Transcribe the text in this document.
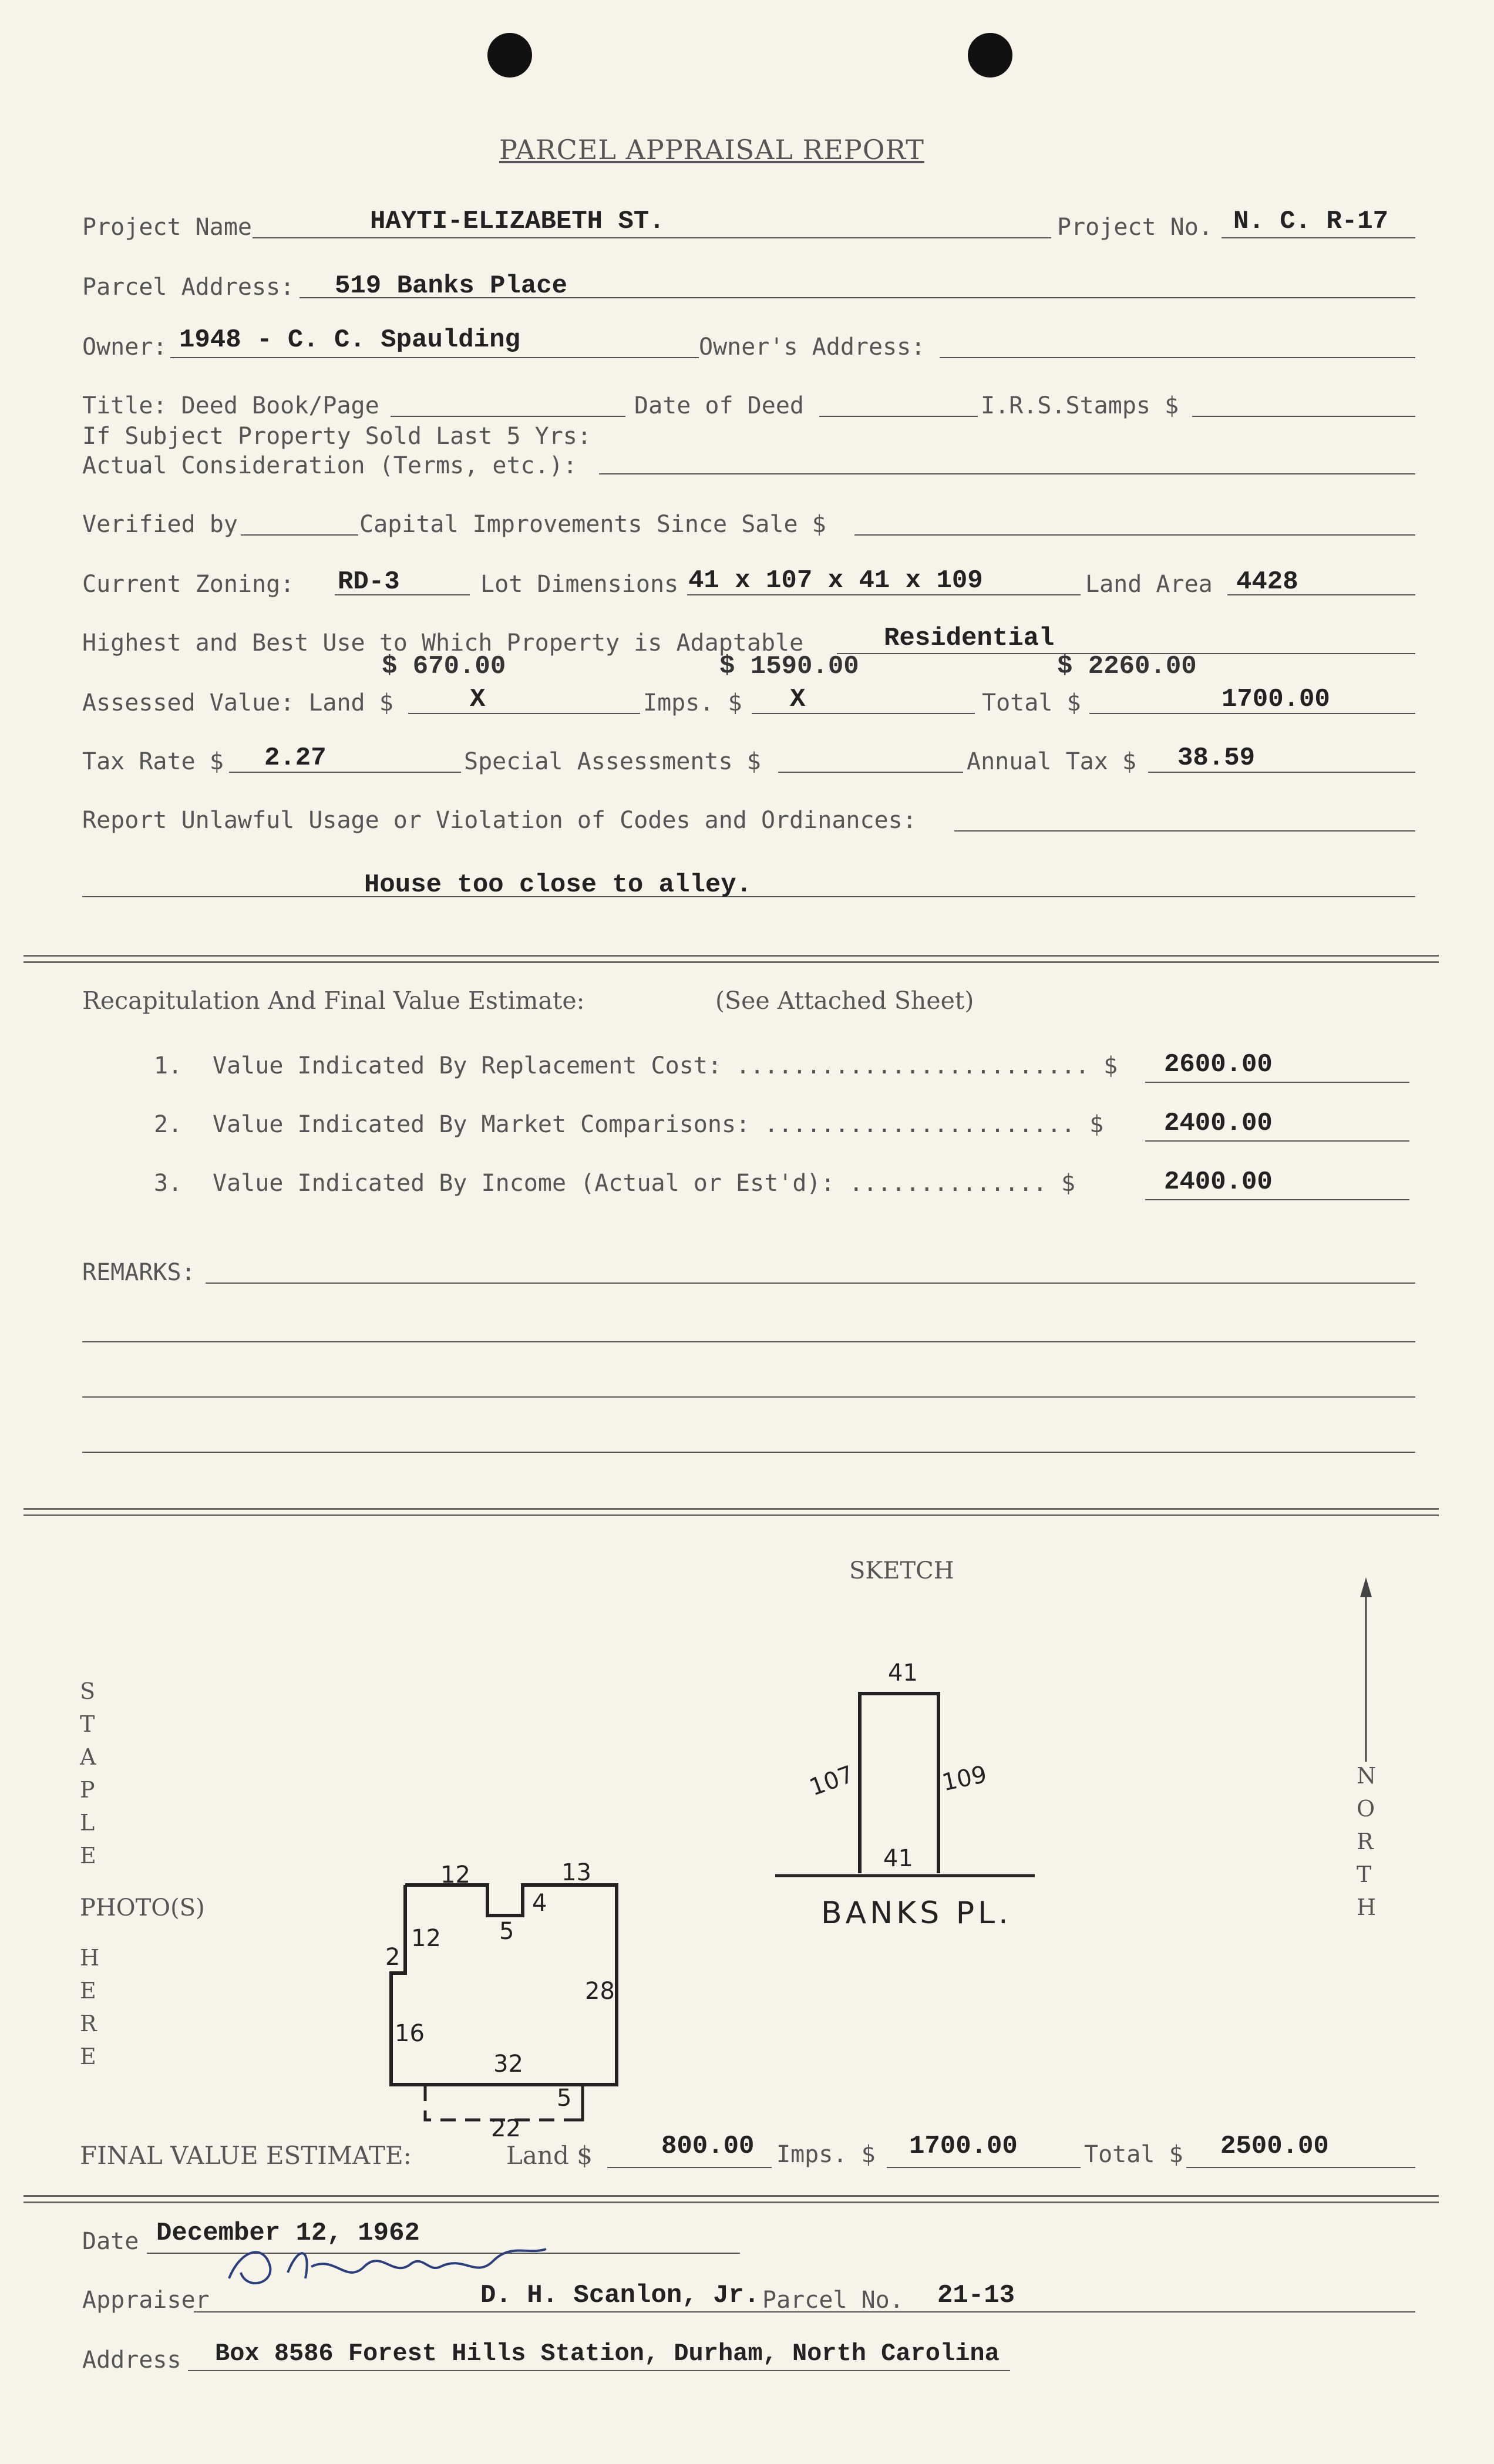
PARCEL APPRAISAL REPORT
Project Name	HAYTI-ELIZABETH ST.	Project No. N. C. R-17
Parcel Address: 519 Banks Place
Owner: 1948 - C. C. Spaulding	Owner's Address:
Title: Deed Book/Page	Date of Deed	I.R.S.Stamps $
If Subject Property Sold Last 5 Yrs:
Actual Consideration (Terms, etc.):
Verified by	Capital Improvements Since Sale $
Current Zoning: RD-3	Lot Dimensions 41 x 107 x 41 x 109	Land Area 4428
Highest and Best Use to Which Property is Adaptable	Residential
$ 670.00	$ 1590.00	$ 2260.00
Assessed Value: Land $	X	Imps. $ X	Total $	1700.00
Tax Rate $ 2.27	Special Assessments $	Annual Tax $ 38.59
Report Unlawful Usage or Violation of Codes and Ordinances:
House too close to alley.
Recapitulation And Final Value Estimate:	(See Attached Sheet)
1. Value Indicated By Replacement Cost: ......................... $ 2600.00
2. Value Indicated By Market Comparisons: ...................... $ 2400.00
3. Value Indicated By Income (Actual or Est'd): .............. $	2400.00
REMARKS:
SKETCH
STAPLE
PHOTO(S)
HERE
NORTH
41
107	109
41
BANKS PL.
12	13
5
4
2
12
28
16
32
5
22
FINAL VALUE ESTIMATE:	Land $	800.00 Imps. $ 1700.00	Total $ 2500.00
Date December 12, 1962
Appraiser	D. H. Scanlon, Jr. Parcel No. 21-13
Address Box 8586 Forest Hills Station, Durham, North Carolina
